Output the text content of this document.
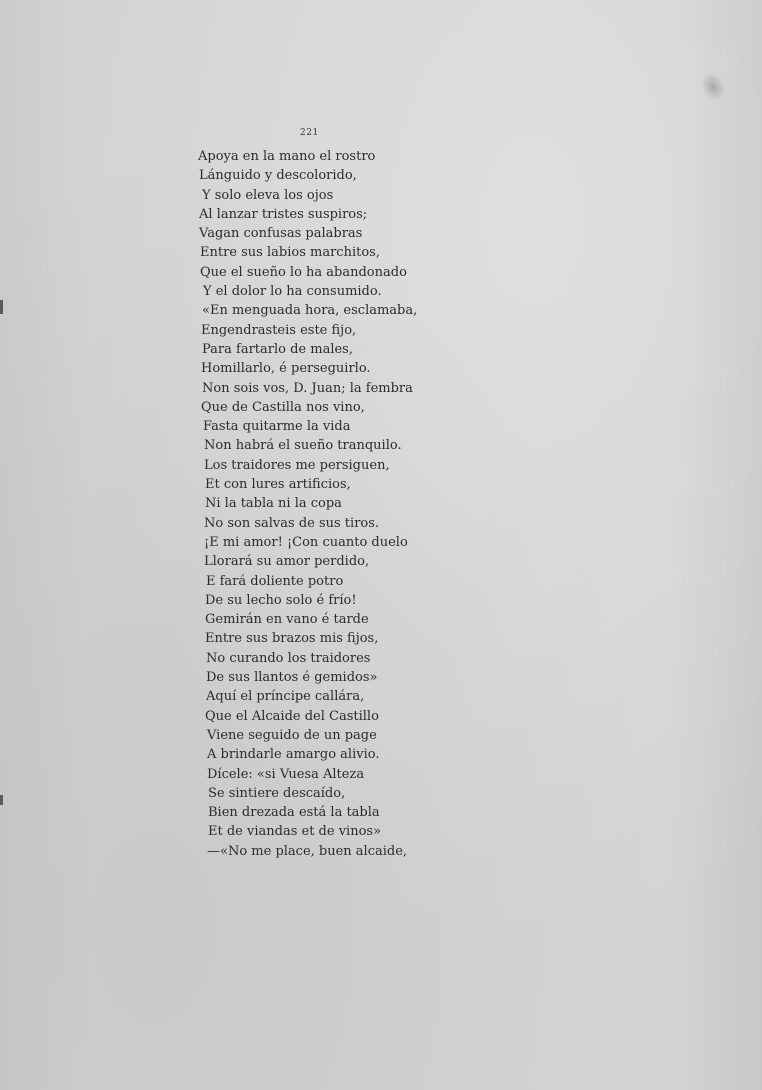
221
Apoya en la mano el rostro
Lánguido y descolorido,
Y solo eleva los ojos
Al lanzar tristes suspiros;
Vagan confusas palabras
Entre sus labios marchitos,
Que el sueño lo ha abandonado
Y el dolor lo ha consumido.
«En menguada hora, esclamaba,
Engendrasteis este fijo,
Para fartarlo de males,
Homillarlo, é perseguirlo.
Non sois vos, D. Juan; la fembra
Que de Castilla nos vino,
Fasta quitarme la vida
Non habrá el sueño tranquilo.
Los traidores me persiguen,
Et con lures artificios,
Ni la tabla ni la copa
No son salvas de sus tiros.
¡E mi amor! ¡Con cuanto duelo
Llorará su amor perdido,
E fará doliente potro
De su lecho solo é frío!
Gemirán en vano é tarde
Entre sus brazos mis fijos,
No curando los traidores
De sus llantos é gemidos»
Aquí el príncipe callára,
Que el Alcaide del Castillo
Viene seguido de un page
A brindarle amargo alivio.
Dícele: «si Vuesa Alteza
Se sintiere descaído,
Bien drezada está la tabla
Et de viandas et de vinos»
—«No me place, buen alcaide,
